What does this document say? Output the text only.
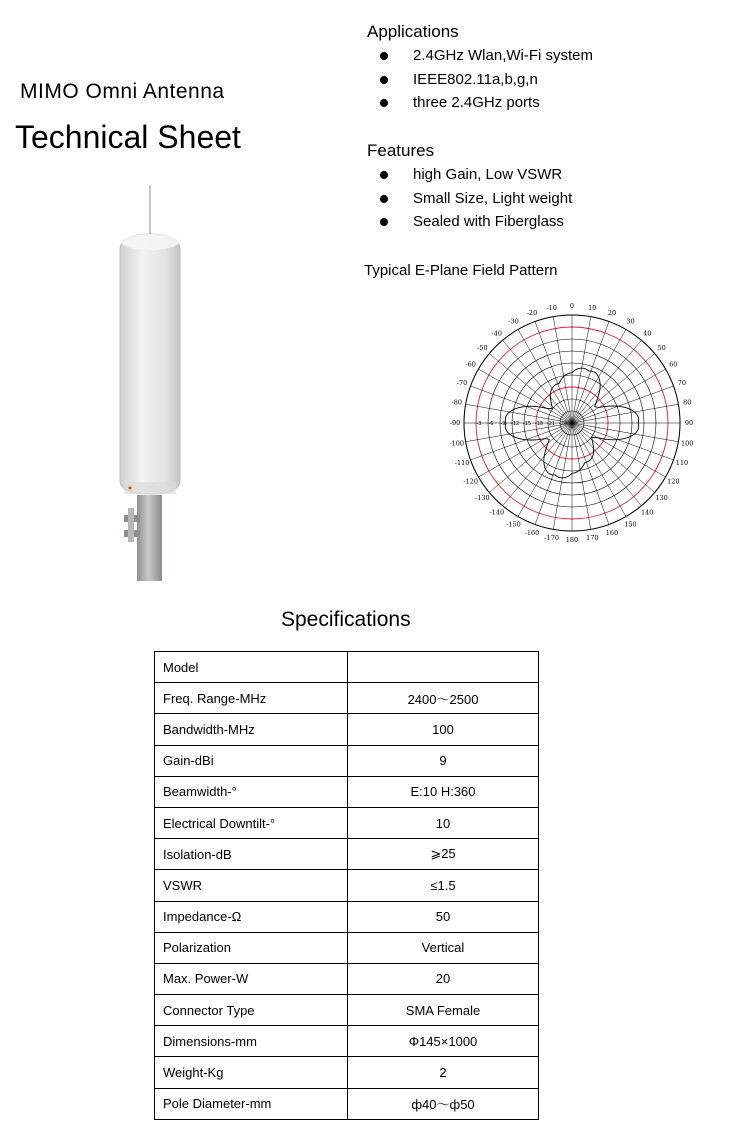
MIMO Omni Antenna
Technical Sheet
Applications
2.4GHz Wlan,Wi-Fi system
IEEE802.11a,b,g,n
three 2.4GHz ports
Features
high Gain, Low VSWR
Small Size, Light weight
Sealed with Fiberglass
Typical E-Plane Field Pattern
0 10
20
30
40
50
60
70
80
90
100
110
120
130
140
150
160
170
180
-10
-20
-30
-40
-50
-60
-70
-80
-90
-100
-110
-120
-130
-140
-150
-160
-170
-24
-21
-18
-15
-12
-9
-6
-3
Specifications
Model	
Freq. Range-MHz	2400～2500
Bandwidth-MHz	100
Gain-dBi	9
Beamwidth-°	E:10 H:360
Electrical Downtilt-°	10
Isolation-dB	⩾25
VSWR	≤1.5
Impedance-Ω	50
Polarization	Vertical
Max. Power-W	20
Connector Type	SMA Female
Dimensions-mm	Φ145×1000
Weight-Kg	2
Pole Diameter-mm	ф40～ф50
